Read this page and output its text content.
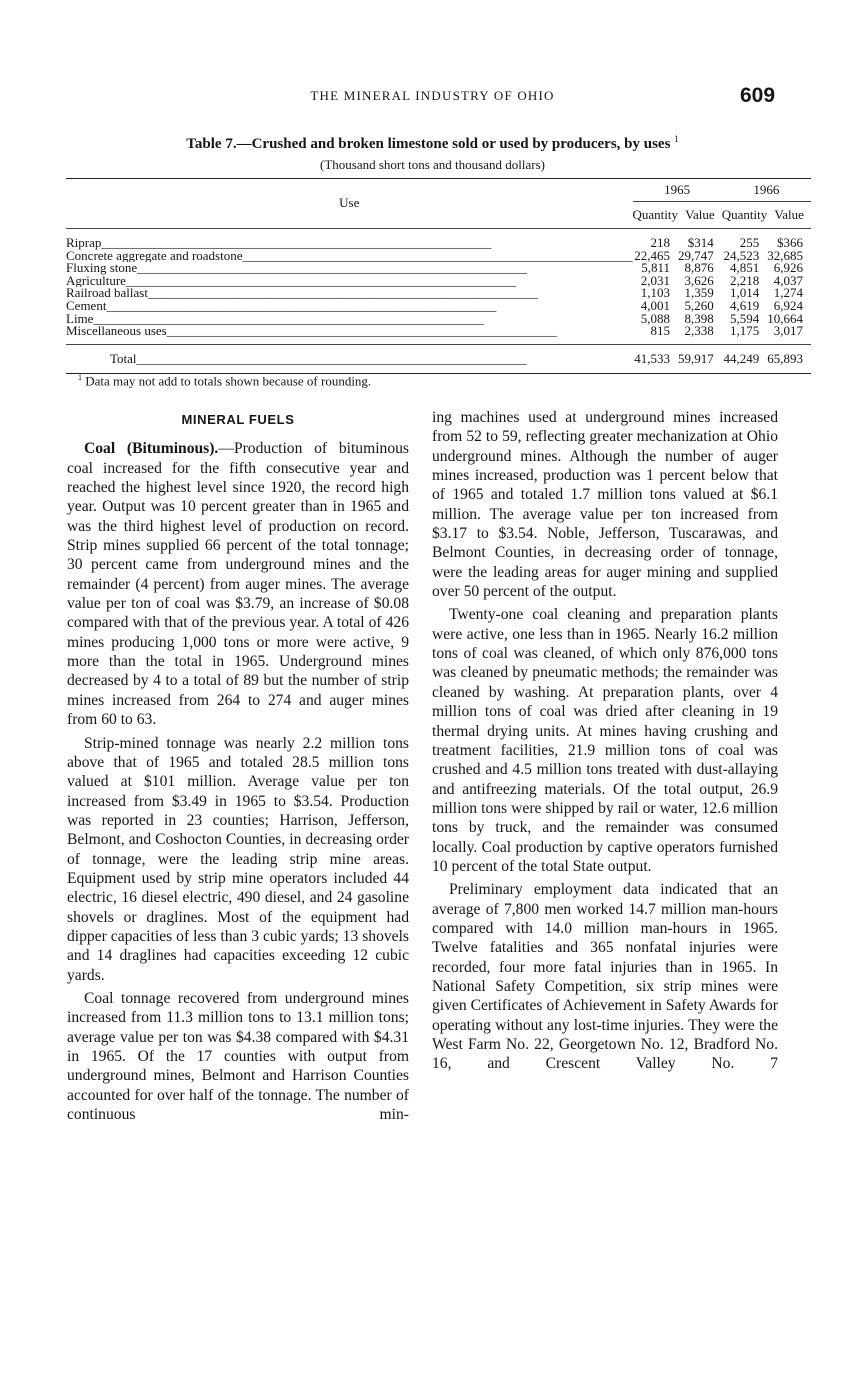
THE MINERAL INDUSTRY OF OHIO	609
Table 7.—Crushed and broken limestone sold or used by producers, by uses $^1$
(Thousand short tons and thousand dollars)
Use	1965		1966	
	Quantity	Value	Quantity	Value
Riprap____________________________________________________________	218	$314	255	$366
Concrete aggregate and roadstone____________________________________________________________	22,465	29,747	24,523	32,685
Fluxing stone____________________________________________________________	5,811	8,876	4,851	6,926
Agriculture____________________________________________________________	2,031	3,626	2,218	4,037
Railroad ballast____________________________________________________________	1,103	1,359	1,014	1,274
Cement____________________________________________________________	4,001	5,260	4,619	6,924
Lime____________________________________________________________	5,088	8,398	5,594	10,664
Miscellaneous uses____________________________________________________________	815	2,338	1,175	3,017
Total____________________________________________________________	41,533	59,917	44,249	65,893
$^1$ Data may not add to totals shown because of rounding.
MINERAL FUELS

Coal (Bituminous).—Production of bituminous coal increased for the fifth consecutive year and reached the highest level since 1920, the record high year. Output was 10 percent greater than in 1965 and was the third highest level of production on record. Strip mines supplied 66 percent of the total tonnage; 30 percent came from underground mines and the remainder (4 percent) from auger mines. The average value per ton of coal was $3.79, an increase of $0.08 compared with that of the previous year. A total of 426 mines producing 1,000 tons or more were active, 9 more than the total in 1965. Underground mines decreased by 4 to a total of 89 but the number of strip mines increased from 264 to 274 and auger mines from 60 to 63.

Strip-mined tonnage was nearly 2.2 million tons above that of 1965 and totaled 28.5 million tons valued at $101 million. Average value per ton increased from $3.49 in 1965 to $3.54. Production was reported in 23 counties; Harrison, Jefferson, Belmont, and Coshocton Counties, in decreasing order of tonnage, were the leading strip mine areas. Equipment used by strip mine operators included 44 electric, 16 diesel electric, 490 diesel, and 24 gasoline shovels or draglines. Most of the equipment had dipper capacities of less than 3 cubic yards; 13 shovels and 14 draglines had capacities exceeding 12 cubic yards.

Coal tonnage recovered from underground mines increased from 11.3 million tons to 13.1 million tons; average value per ton was $4.38 compared with $4.31 in 1965. Of the 17 counties with output from underground mines, Belmont and Harrison Counties accounted for over half of the tonnage. The number of continuous min-

ing machines used at underground mines increased from 52 to 59, reflecting greater mechanization at Ohio underground mines. Although the number of auger mines increased, production was 1 percent below that of 1965 and totaled 1.7 million tons valued at $6.1 million. The average value per ton increased from $3.17 to $3.54. Noble, Jefferson, Tuscarawas, and Belmont Counties, in decreasing order of tonnage, were the leading areas for auger mining and supplied over 50 percent of the output.

Twenty-one coal cleaning and preparation plants were active, one less than in 1965. Nearly 16.2 million tons of coal was cleaned, of which only 876,000 tons was cleaned by pneumatic methods; the remainder was cleaned by washing. At preparation plants, over 4 million tons of coal was dried after cleaning in 19 thermal drying units. At mines having crushing and treatment facilities, 21.9 million tons of coal was crushed and 4.5 million tons treated with dust-allaying and antifreezing materials. Of the total output, 26.9 million tons were shipped by rail or water, 12.6 million tons by truck, and the remainder was consumed locally. Coal production by captive operators furnished 10 percent of the total State output.

Preliminary employment data indicated that an average of 7,800 men worked 14.7 million man-hours compared with 14.0 million man-hours in 1965. Twelve fatalities and 365 nonfatal injuries were recorded, four more fatal injuries than in 1965. In National Safety Competition, six strip mines were given Certificates of Achievement in Safety Awards for operating without any lost-time injuries. They were the West Farm No. 22, Georgetown No. 12, Bradford No. 16, and Crescent Valley No. 7
